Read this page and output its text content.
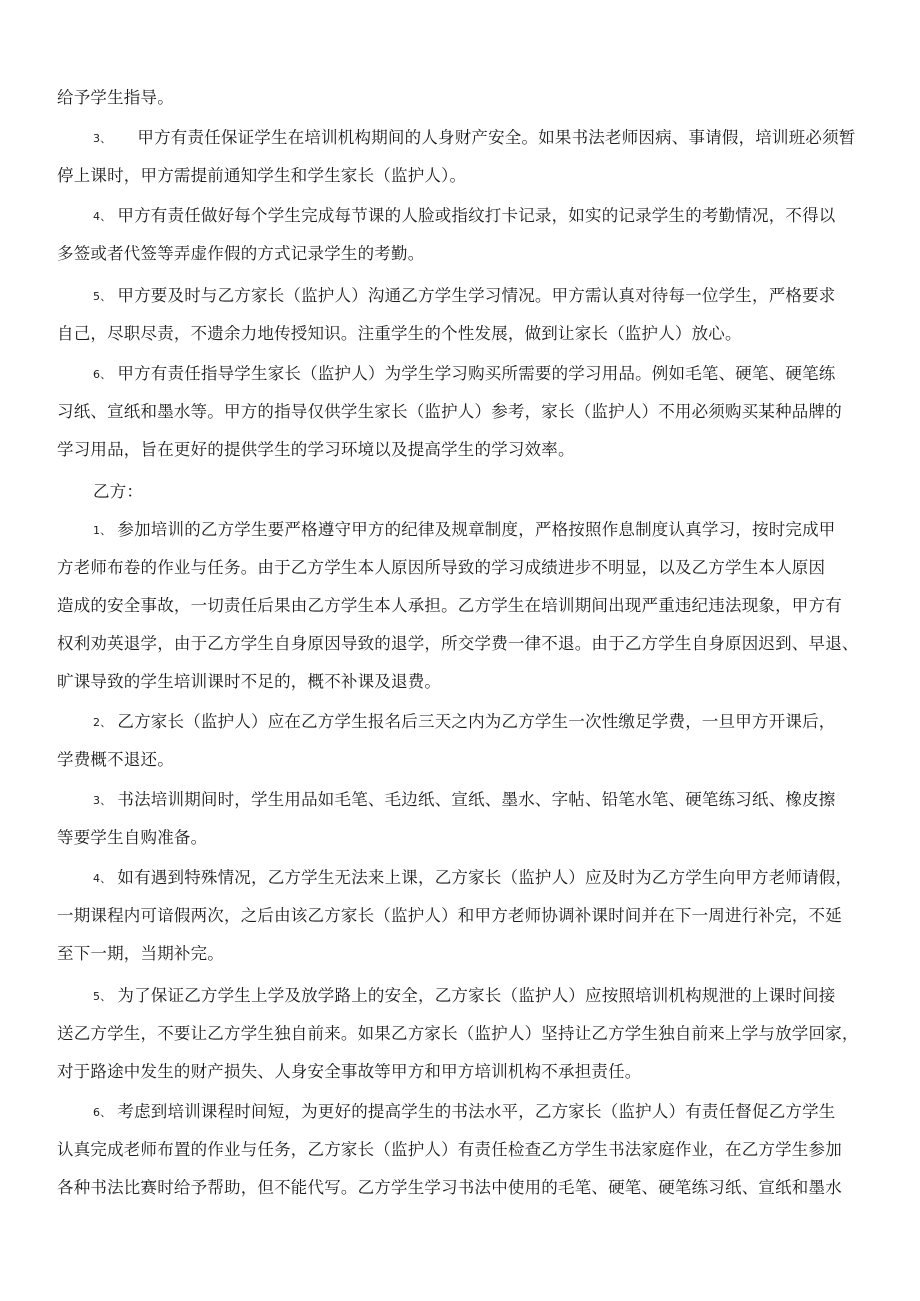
给予学生指导。
3、 甲方有责任保证学生在培训机构期间的人身财产安全。如果书法老师因病、事请假，培训班必须暂
停上课时，甲方需提前通知学生和学生家长（监护人）。
4、 甲方有责任做好每个学生完成每节课的人脸或指纹打卡记录，如实的记录学生的考勤情况，不得以
多签或者代签等弄虚作假的方式记录学生的考勤。
5、 甲方要及时与乙方家长（监护人）沟通乙方学生学习情况。甲方需认真对待每一位学生，严格要求
自己，尽职尽责，不遗余力地传授知识。注重学生的个性发展，做到让家长（监护人）放心。
6、 甲方有责任指导学生家长（监护人）为学生学习购买所需要的学习用品。例如毛笔、硬笔、硬笔练
习纸、宣纸和墨水等。甲方的指导仅供学生家长（监护人）参考，家长（监护人）不用必须购买某种品牌的
学习用品，旨在更好的提供学生的学习环境以及提高学生的学习效率。
乙方：
1、 参加培训的乙方学生要严格遵守甲方的纪律及规章制度，严格按照作息制度认真学习，按时完成甲
方老师布卷的作业与任务。由于乙方学生本人原因所导致的学习成绩进步不明显，以及乙方学生本人原因
造成的安全事故，一切责任后果由乙方学生本人承担。乙方学生在培训期间出现严重违纪违法现象，甲方有
权利劝英退学，由于乙方学生自身原因导致的退学，所交学费一律不退。由于乙方学生自身原因迟到、早退、
旷课导致的学生培训课时不足的，概不补课及退费。
2、 乙方家长（监护人）应在乙方学生报名后三天之内为乙方学生一次性缴足学费，一旦甲方开课后，
学费概不退还。
3、 书法培训期间时，学生用品如毛笔、毛边纸、宣纸、墨水、字帖、铅笔水笔、硬笔练习纸、橡皮擦
等要学生自购准备。
4、 如有遇到特殊情况，乙方学生无法来上课，乙方家长（监护人）应及时为乙方学生向甲方老师请假，
一期课程内可谙假两次，之后由该乙方家长（监护人）和甲方老师协调补课时间并在下一周进行补完，不延
至下一期，当期补完。
5、 为了保证乙方学生上学及放学路上的安全，乙方家长（监护人）应按照培训机构规泄的上课时间接
送乙方学生，不要让乙方学生独自前来。如果乙方家长（监护人）坚持让乙方学生独自前来上学与放学回家，
对于路途中发生的财产损失、人身安全事故等甲方和甲方培训机构不承担责任。
6、 考虑到培训课程时间短，为更好的提高学生的书法水平，乙方家长（监护人）有责任督促乙方学生
认真完成老师布置的作业与任务，乙方家长（监护人）有责任检查乙方学生书法家庭作业，在乙方学生参加
各种书法比赛时给予帮助，但不能代写。乙方学生学习书法中使用的毛笔、硬笔、硬笔练习纸、宣纸和墨水
